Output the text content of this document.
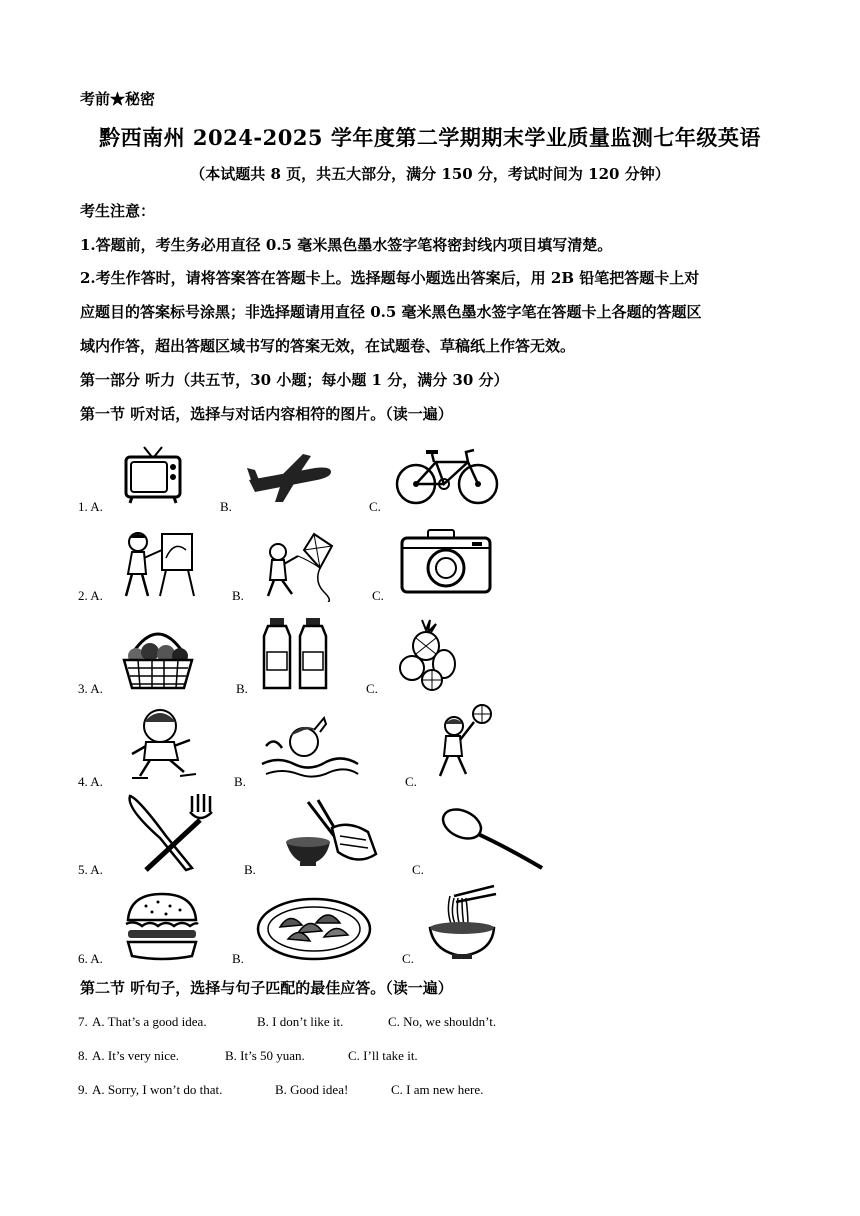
考前★秘密
黔西南州 2024-2025 学年度第二学期期末学业质量监测七年级英语
（本试题共 8 页，共五大部分，满分 150 分，考试时间为 120 分钟）
考生注意：
1.答题前，考生务必用直径 0.5 毫米黑色墨水签字笔将密封线内项目填写清楚。
2.考生作答时，请将答案答在答题卡上。选择题每小题选出答案后，用 2B 铅笔把答题卡上对
应题目的答案标号涂黑；非选择题请用直径 0.5 毫米黑色墨水签字笔在答题卡上各题的答题区
域内作答，超出答题区域书写的答案无效，在试题卷、草稿纸上作答无效。
第一部分 听力（共五节，30 小题；每小题 1 分，满分 30 分）
第一节 听对话，选择与对话内容相符的图片。（读一遍）
1. A.	B.	C.
2. A.	B.	C.
3. A.	B.	C.
4. A.	B.	C.
5. A.	B.	C.
6. A.	B.	C.
第二节 听句子，选择与句子匹配的最佳应答。（读一遍）
7. A. That’s a good idea.	B. I don’t like it.	C. No, we shouldn’t.
8. A. It’s very nice.	B. It’s 50 yuan.	C. I’ll take it.
9. A. Sorry, I won’t do that.	B. Good idea!	C. I am new here.
